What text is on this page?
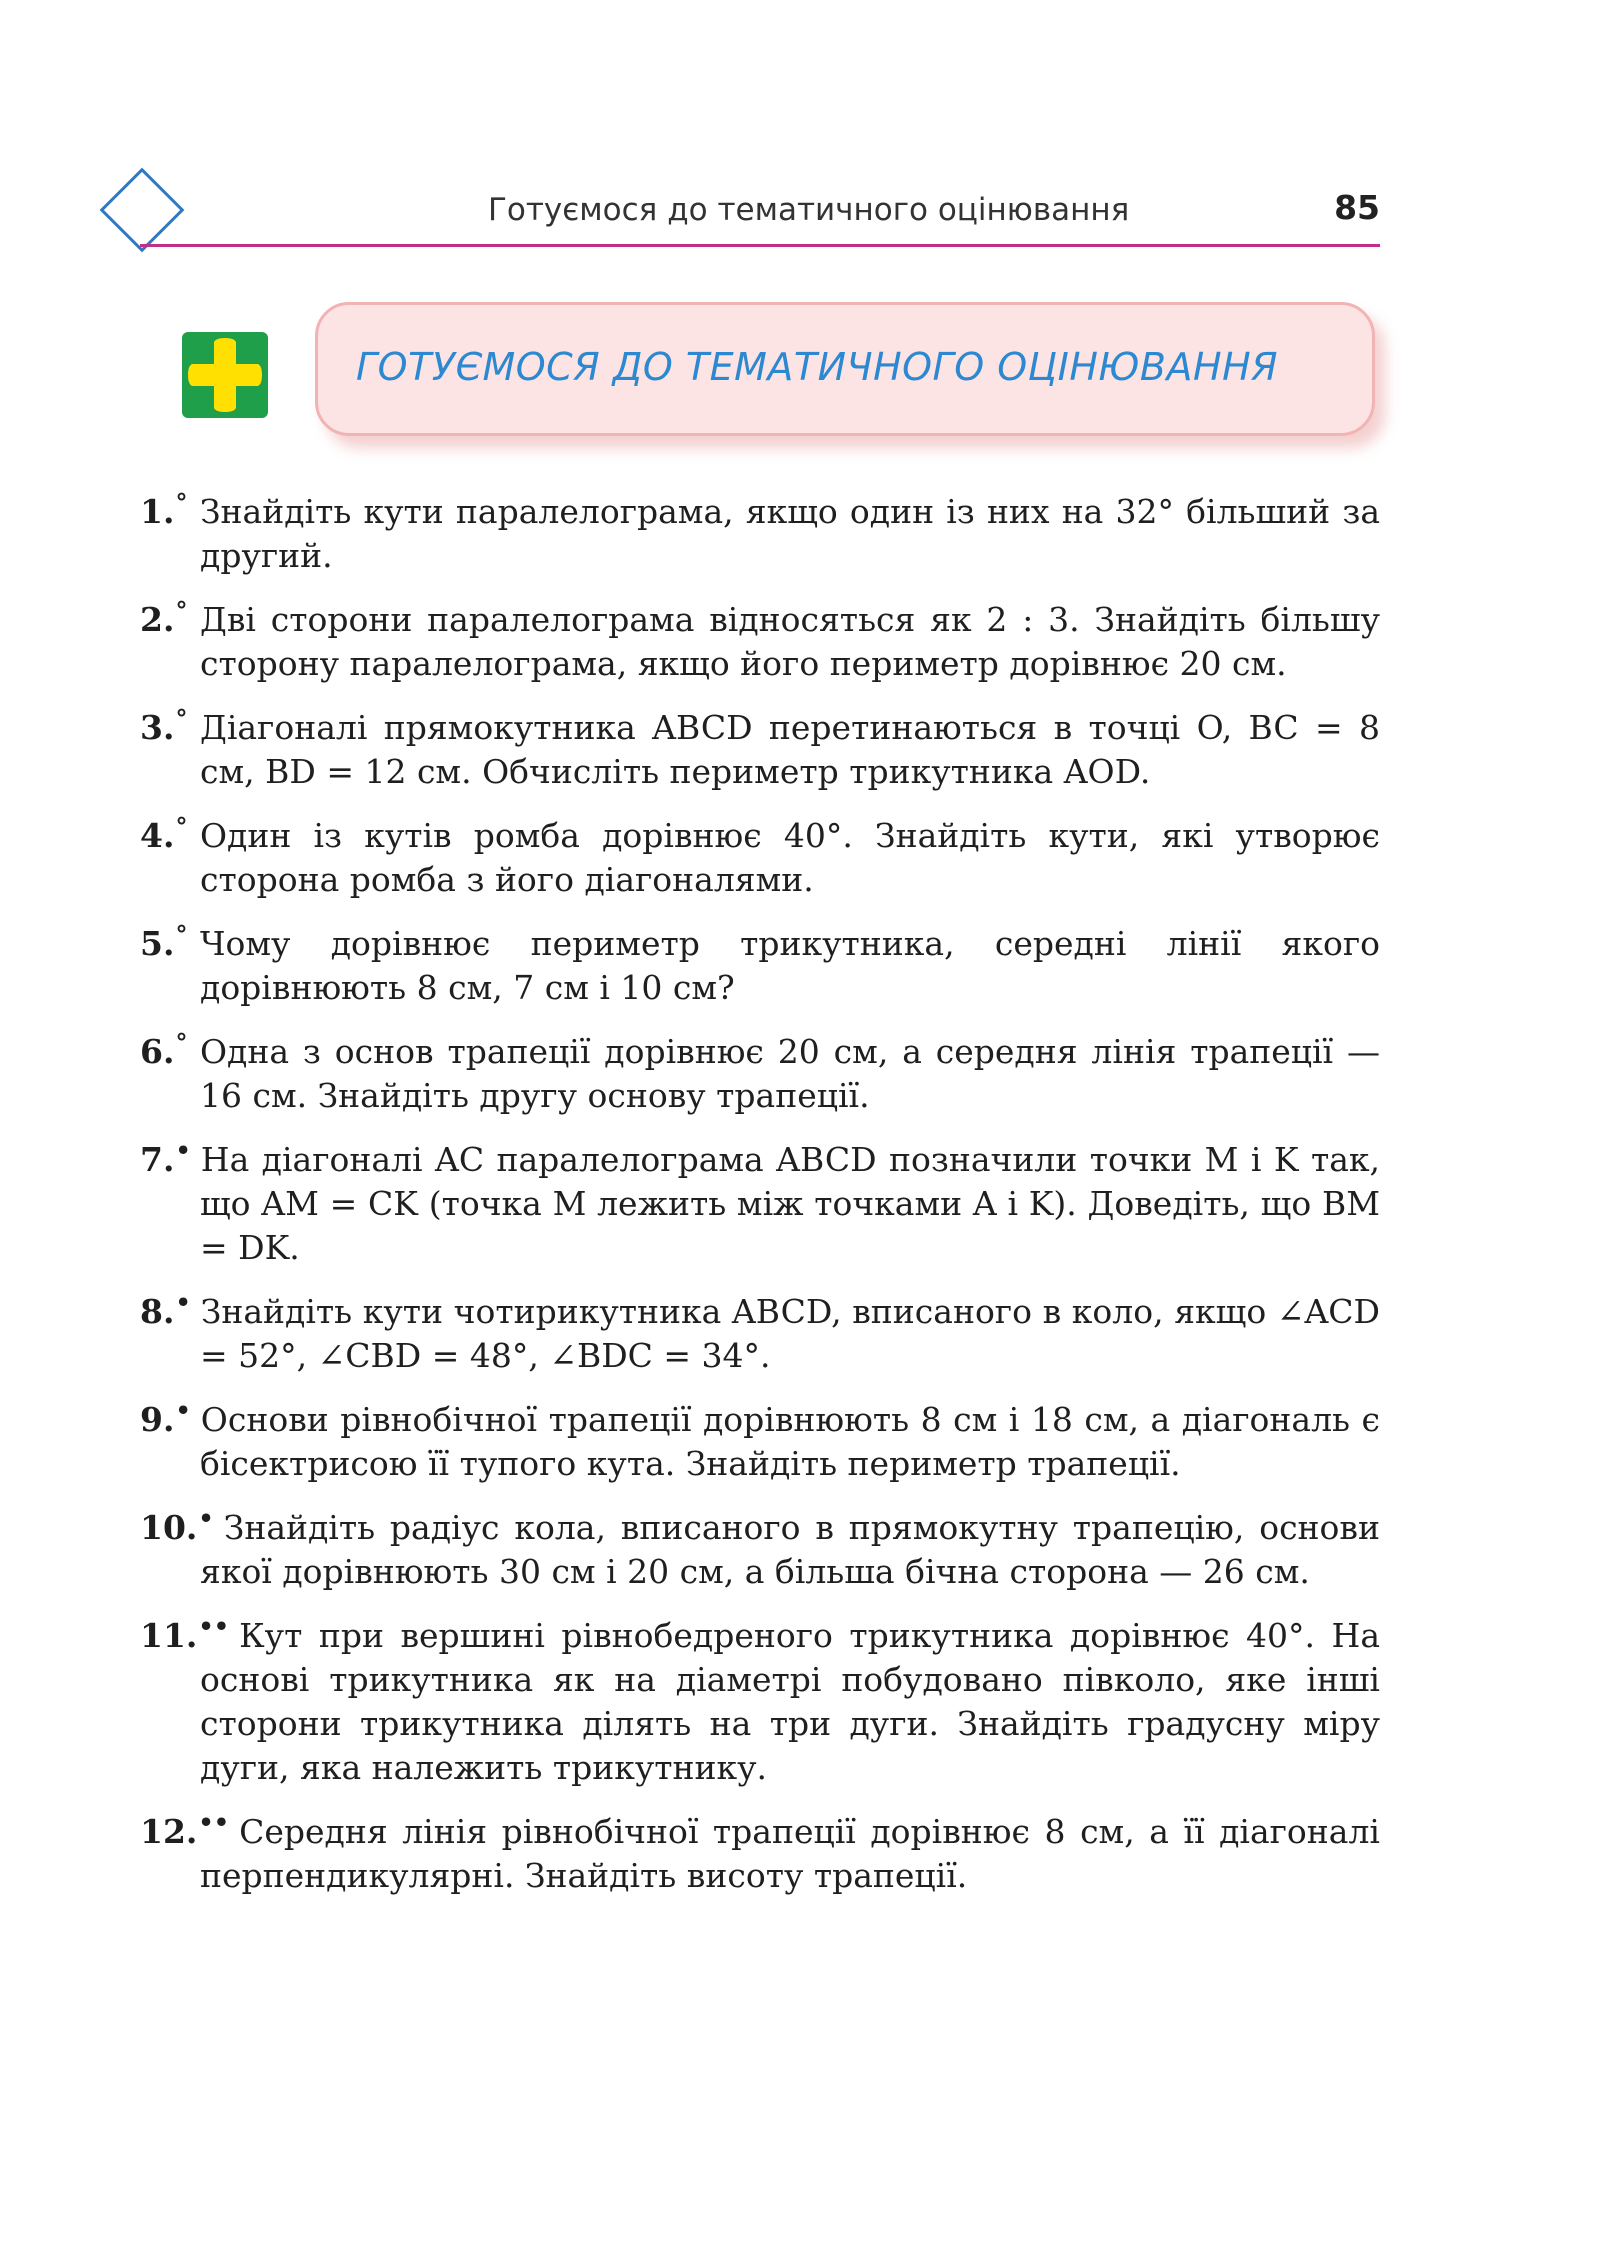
Готуємося до тематичного оцінювання	85
ГОТУЄМОСЯ ДО ТЕМАТИЧНОГО ОЦІНЮВАННЯ
1.° Знайдіть кути паралелограма, якщо один із них на 32° більший за другий.
2.° Дві сторони паралелограма відносяться як 2 : 3. Знайдіть більшу сторону паралелограма, якщо його периметр дорівнює 20 см.
3.° Діагоналі прямокутника ABCD перетинаються в точці O, BC = 8 см, BD = 12 см. Обчисліть периметр трикутника AOD.
4.° Один із кутів ромба дорівнює 40°. Знайдіть кути, які утворює сторона ромба з його діагоналями.
5.° Чому дорівнює периметр трикутника, середні лінії якого дорівнюють 8 см, 7 см і 10 см?
6.° Одна з основ трапеції дорівнює 20 см, а середня лінія трапеції — 16 см. Знайдіть другу основу трапеції.
7.• На діагоналі AC паралелограма ABCD позначили точки M і K так, що AM = CK (точка M лежить між точками A і K). Доведіть, що BM = DK.
8.• Знайдіть кути чотирикутника ABCD, вписаного в коло, якщо ∠ACD = 52°, ∠CBD = 48°, ∠BDC = 34°.
9.• Основи рівнобічної трапеції дорівнюють 8 см і 18 см, а діагональ є бісектрисою її тупого кута. Знайдіть периметр трапеції.
10.• Знайдіть радіус кола, вписаного в прямокутну трапецію, основи якої дорівнюють 30 см і 20 см, а більша бічна сторона — 26 см.
11.•• Кут при вершині рівнобедреного трикутника дорівнює 40°. На основі трикутника як на діаметрі побудовано півколо, яке інші сторони трикутника ділять на три дуги. Знайдіть градусну міру дуги, яка належить трикутнику.
12.•• Середня лінія рівнобічної трапеції дорівнює 8 см, а її діагоналі перпендикулярні. Знайдіть висоту трапеції.
